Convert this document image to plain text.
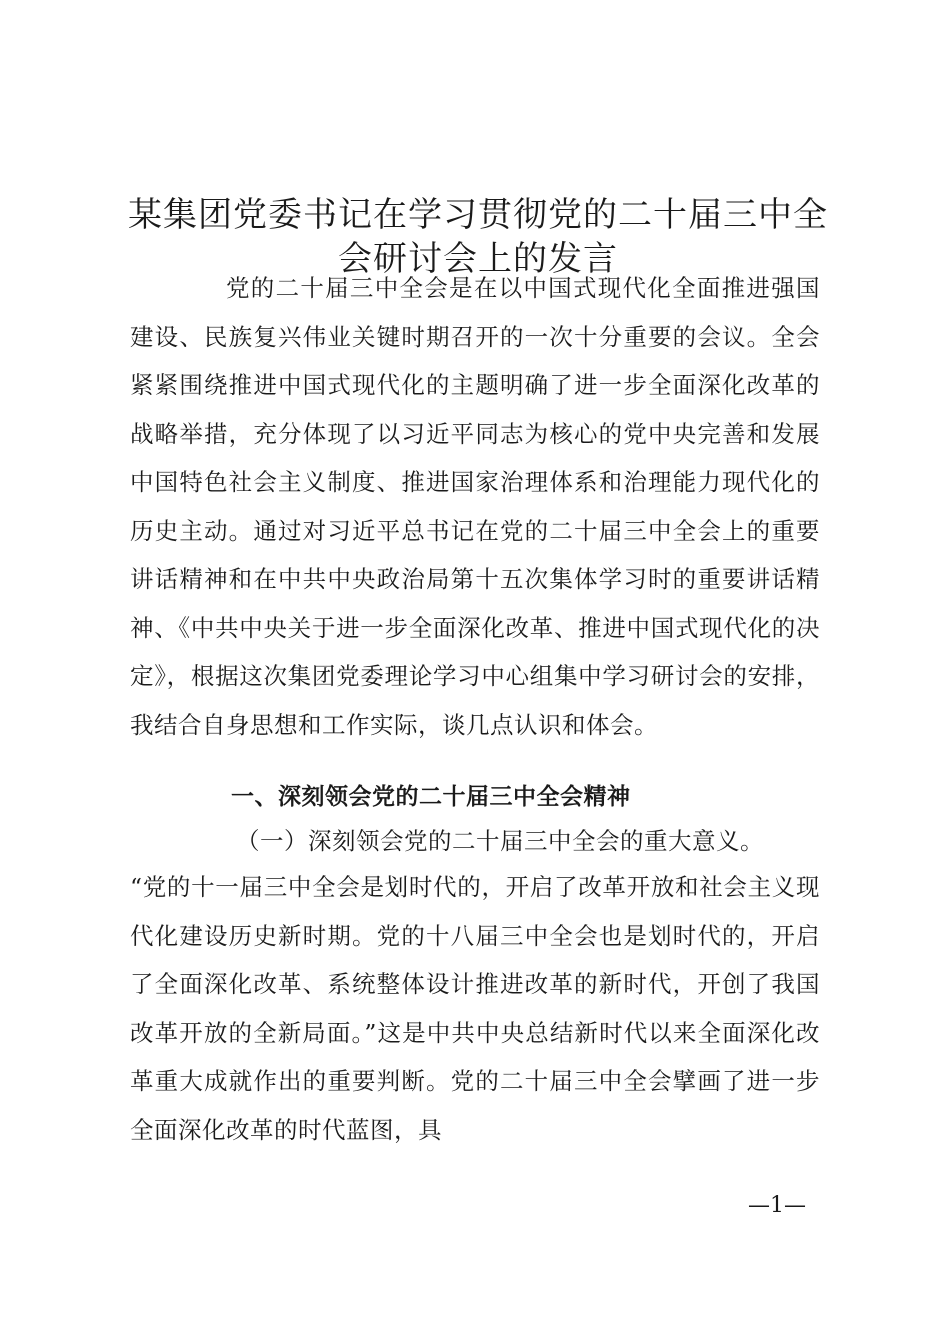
某集团党委书记在学习贯彻党的二十届三中全会研讨会上的发言
党的二十届三中全会是在以中国式现代化全面推进强国建设、民族复兴伟业关键时期召开的一次十分重要的会议。全会紧紧围绕推进中国式现代化的主题明确了进一步全面深化改革的战略举措，充分体现了以习近平同志为核心的党中央完善和发展中国特色社会主义制度、推进国家治理体系和治理能力现代化的历史主动。通过对习近平总书记在党的二十届三中全会上的重要讲话精神和在中共中央政治局第十五次集体学习时的重要讲话精神、《中共中央关于进一步全面深化改革、推进中国式现代化的决定》，根据这次集团党委理论学习中心组集中学习研讨会的安排，我结合自身思想和工作实际，谈几点认识和体会。
一、深刻领会党的二十届三中全会精神
（一）深刻领会党的二十届三中全会的重大意义。
“党的十一届三中全会是划时代的，开启了改革开放和社会主义现代化建设历史新时期。党的十八届三中全会也是划时代的，开启了全面深化改革、系统整体设计推进改革的新时代，开创了我国改革开放的全新局面。”这是中共中央总结新时代以来全面深化改革重大成就作出的重要判断。党的二十届三中全会擘画了进一步全面深化改革的时代蓝图，具
—1—
